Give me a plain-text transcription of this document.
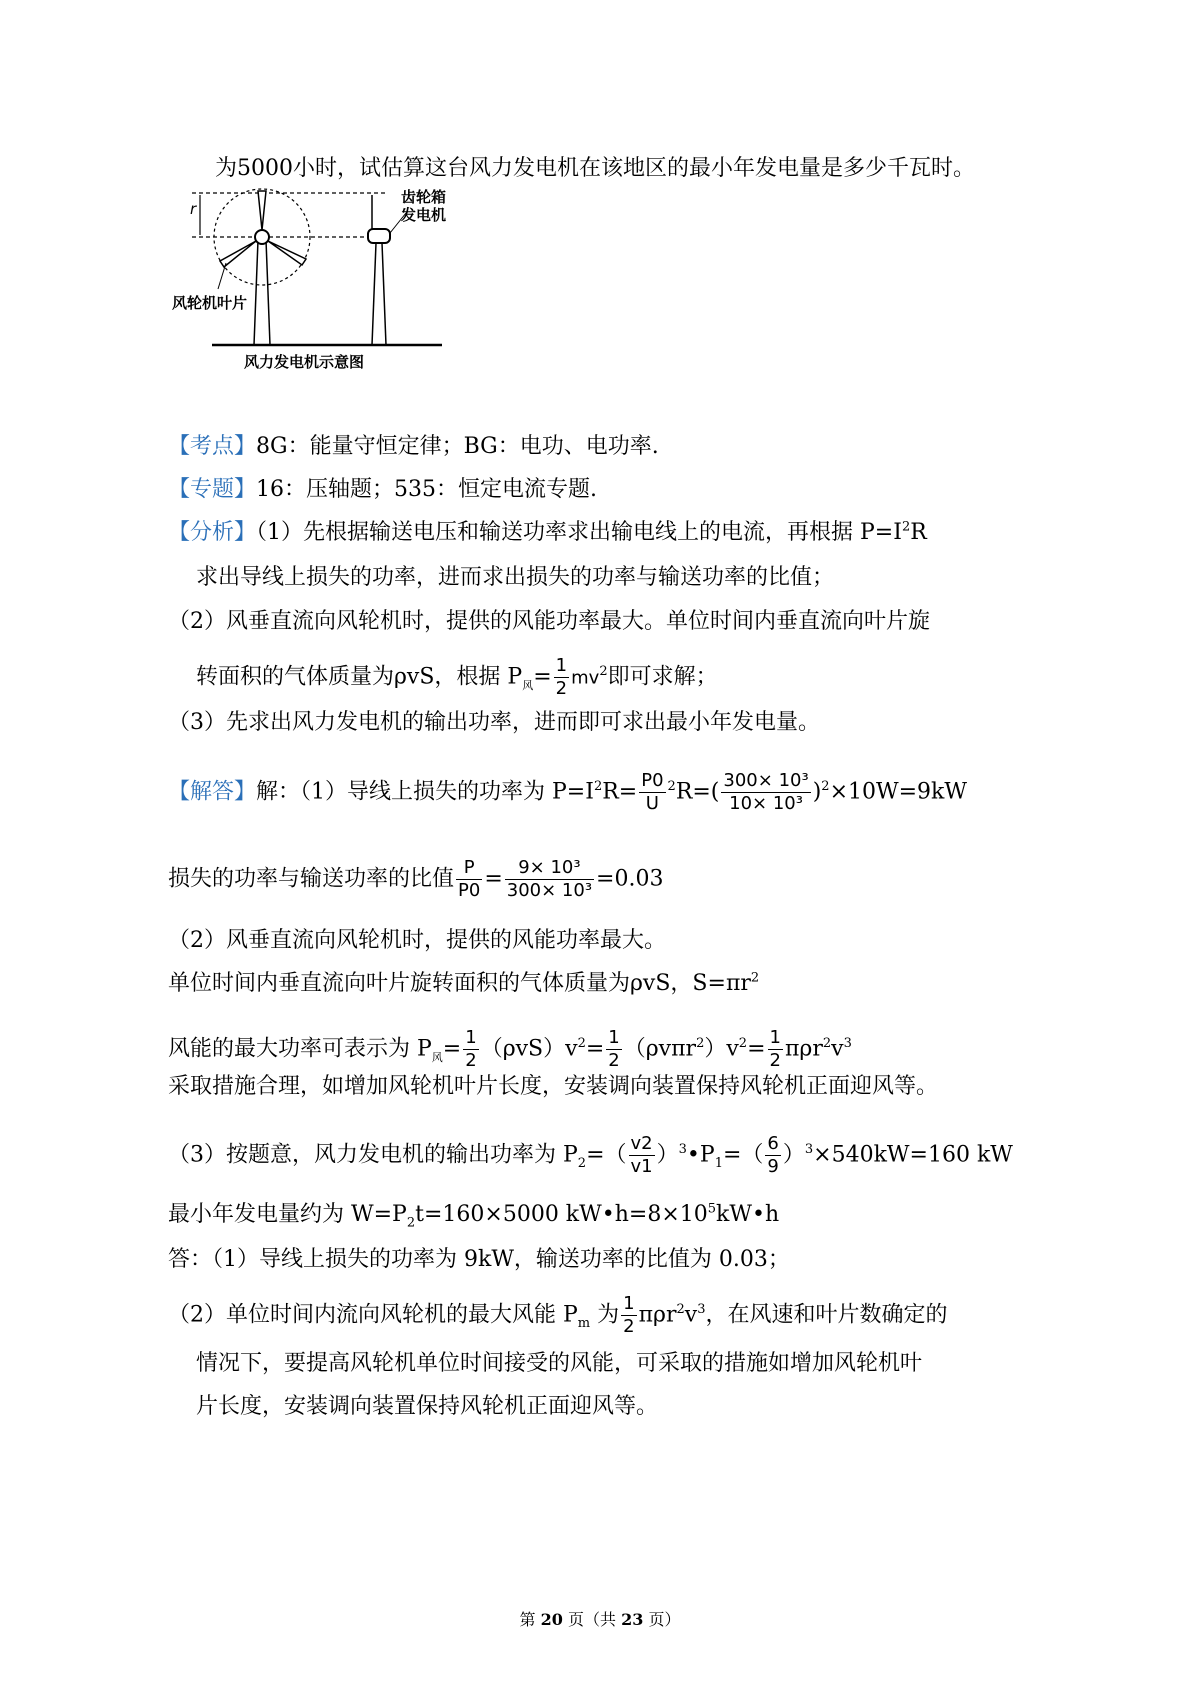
为5000小时，试估算这台风力发电机在该地区的最小年发电量是多少千瓦时。
齿轮箱
发电机
r
风轮机叶片
风力发电机示意图
【考点】8G：能量守恒定律；BG：电功、电功率.
【专题】16：压轴题；535：恒定电流专题.
【分析】（1）先根据输送电压和输送功率求出输电线上的电流，再根据 $P=I^2R$
求出导线上损失的功率，进而求出损失的功率与输送功率的比值；
（2）风垂直流向风轮机时，提供的风能功率最大。单位时间内垂直流向叶片旋
转面积的气体质量为ρvS，根据 $P_风= \frac{1}{2} mv^2$即可求解；
（3）先求出风力发电机的输出功率，进而即可求出最小年发电量。
【解答】解：（1）导线上损失的功率为 $P=I^2R= \frac{P0}{U} ^2R=( \frac{\text{300× 10³}}{\text{10× 10³}} )^2\times 10W=9kW$
损失的功率与输送功率的比值 $\frac{P}{P0} = \frac{\text{9× 10³}}{\text{300× 10³}} =0.03$
（2）风垂直流向风轮机时，提供的风能功率最大。
单位时间内垂直流向叶片旋转面积的气体质量为ρvS，$S=\pi r^2$
风能的最大功率可表示为 $P_风= \frac{1}{2} (\rho vS)v^2= \frac{1}{2} (\rho v\pi r^2)v^2= \frac{1}{2} \pi\rho r^2v^3$
采取措施合理，如增加风轮机叶片长度，安装调向装置保持风轮机正面迎风等。
（3）按题意，风力发电机的输出功率为 $P_2=( \frac{v2}{v1}$ ）$^3•P_1=( \frac{6}{9} )^3\times 540kW=160$ kW
最小年发电量约为 $W=P_2t=160\times 5000$ $kW•h=8\times 10^5kW•h$
答：（1）导线上损失的功率为 9kW，输送功率的比值为 0.03；
（2）单位时间内流向风轮机的最大风能 $P_m$ 为 $\frac{1}{2} \pi\rho r^2v^3$，在风速和叶片数确定的
情况下，要提高风轮机单位时间接受的风能，可采取的措施如增加风轮机叶
片长度，安装调向装置保持风轮机正面迎风等。
第 20 页（共 23 页）
